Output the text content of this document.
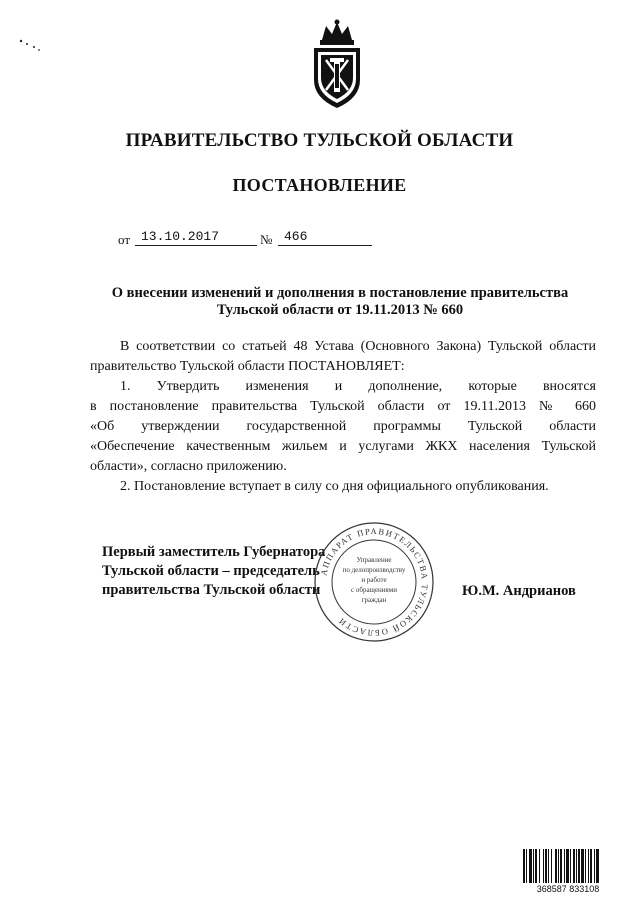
ПРАВИТЕЛЬСТВО ТУЛЬСКОЙ ОБЛАСТИ
ПОСТАНОВЛЕНИЕ
от 13.10.2017	№ 466
О внесении изменений и дополнения в постановление правительства
Тульской области от 19.11.2013 № 660

В соответствии со статьей 48 Устава (Основного Закона) Тульской области правительство Тульской области ПОСТАНОВЛЯЕТ:

1. Утвердить изменения и дополнение, которые вносятся
в постановление правительства Тульской области от 19.11.2013 № 660
«Об утверждении государственной программы Тульской области
«Обеспечение качественным жильем и услугами ЖКХ населения Тульской
области», согласно приложению.

2. Постановление вступает в силу со дня официального опубликования.

Первый заместитель Губернатора
Тульской области – председатель
правительства Тульской области	Ю.М. Андрианов
АППАРАТ ПРАВИТЕЛЬСТВА ТУЛЬСКОЙ ОБЛАСТИ
Управление
по делопроизводству
и работе
с обращениями
граждан
368587 833108
